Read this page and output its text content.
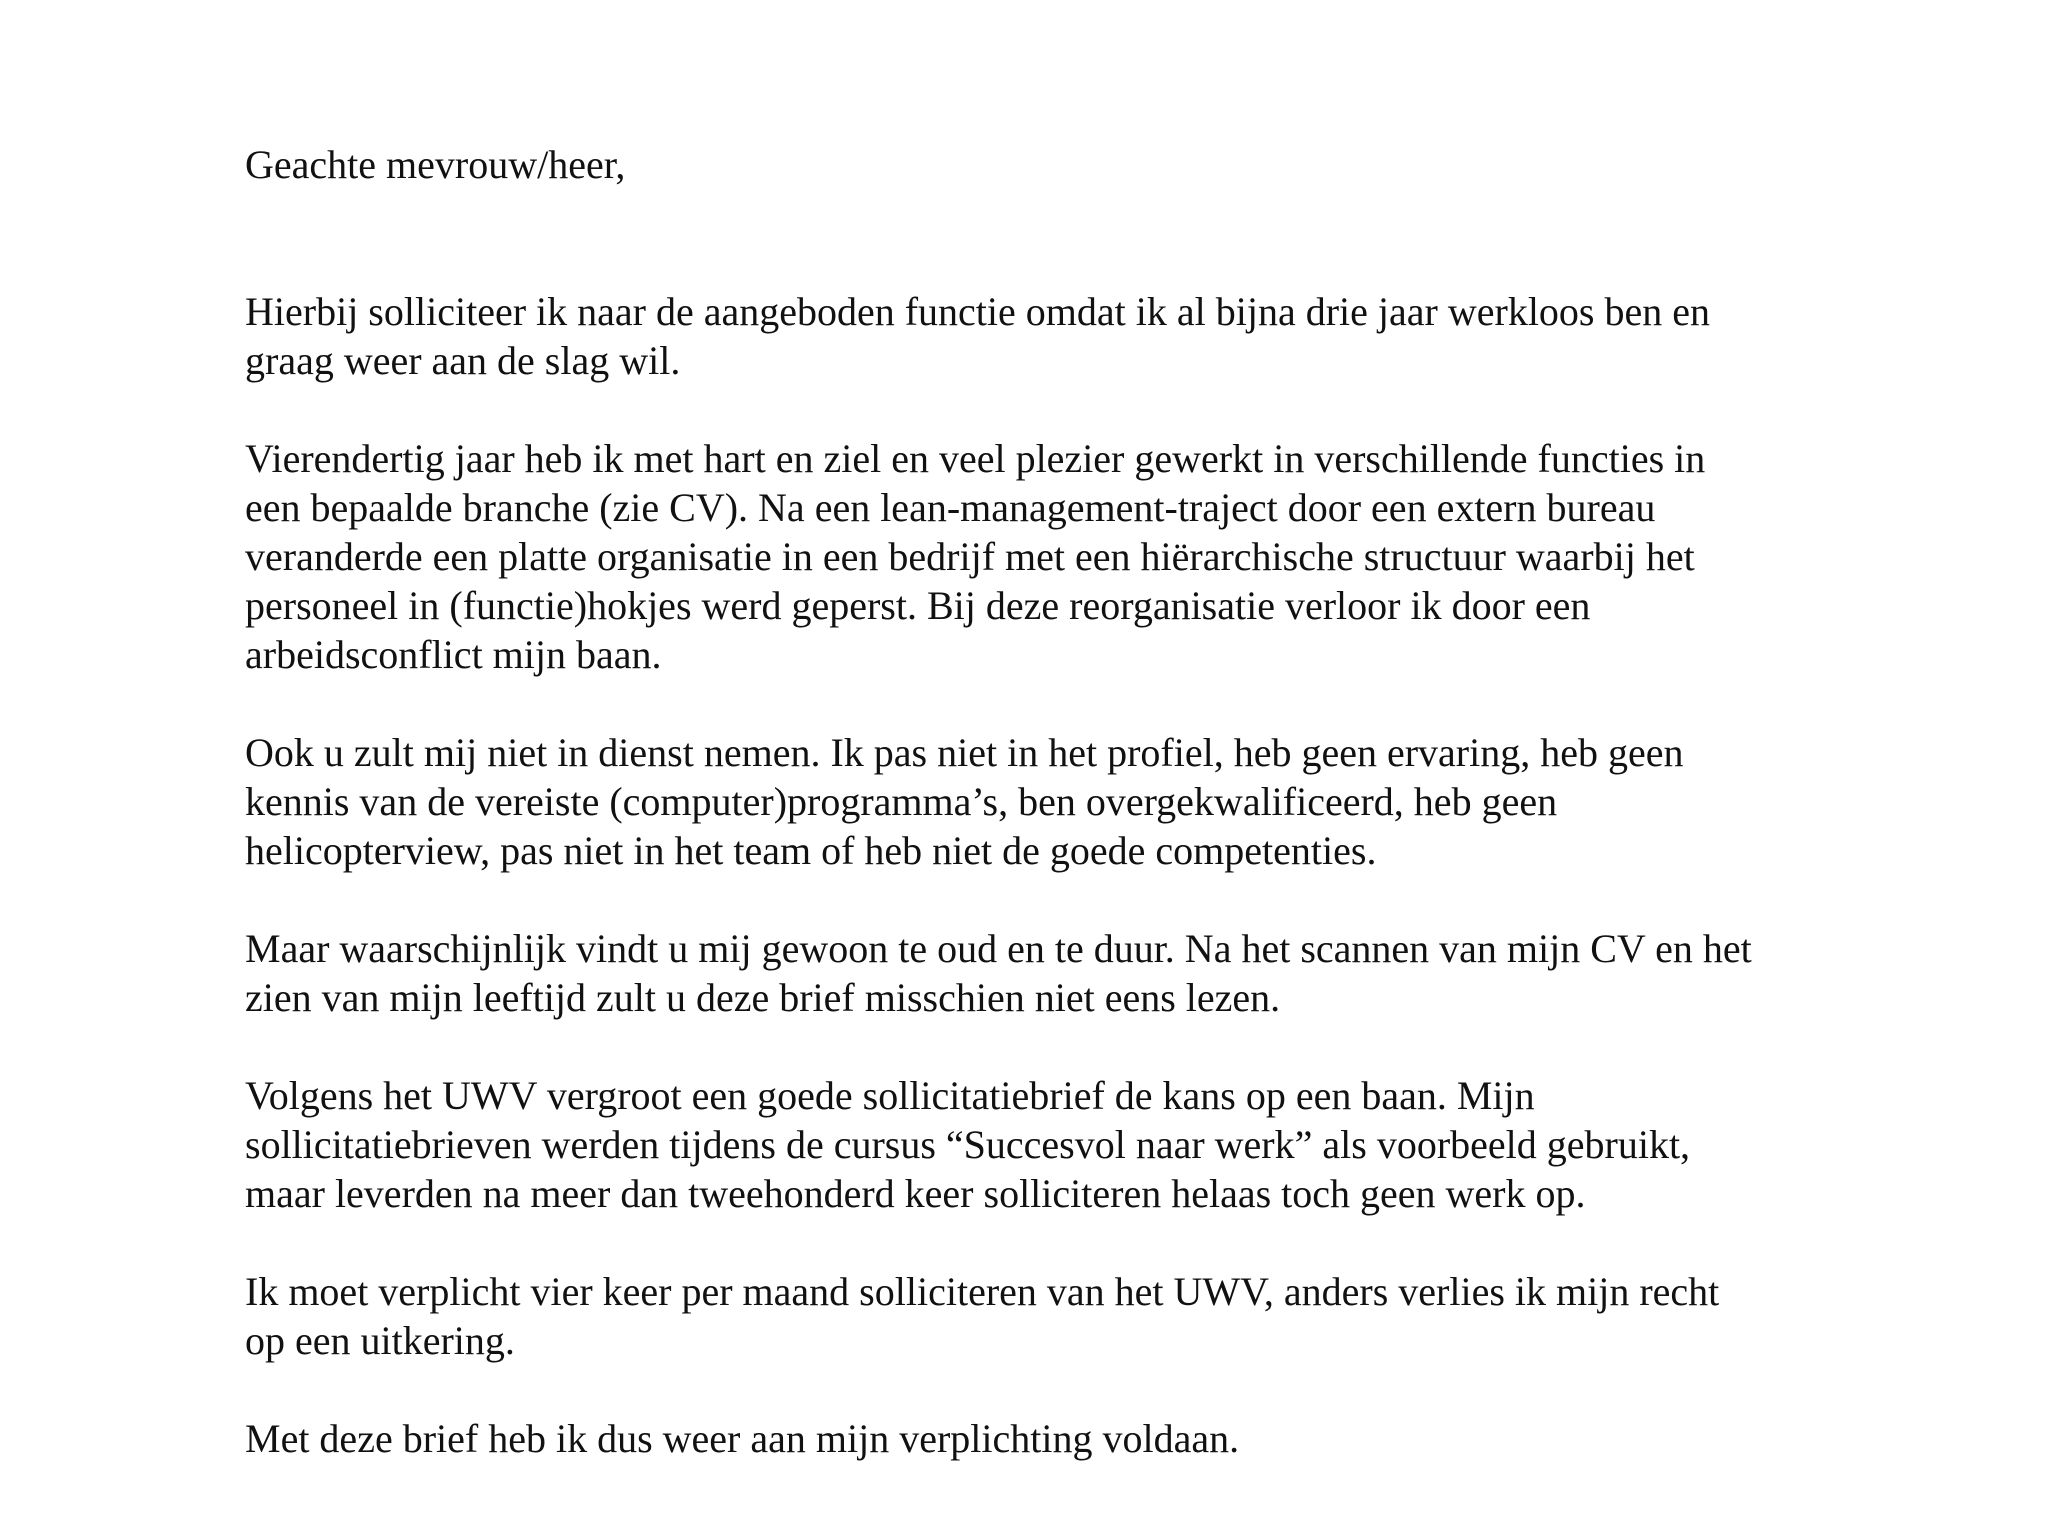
Geachte mevrouw/heer,

Hierbij solliciteer ik naar de aangeboden functie omdat ik al bijna drie jaar werkloos ben en
graag weer aan de slag wil.

Vierendertig jaar heb ik met hart en ziel en veel plezier gewerkt in verschillende functies in
een bepaalde branche (zie CV). Na een lean-management-traject door een extern bureau
veranderde een platte organisatie in een bedrijf met een hiërarchische structuur waarbij het
personeel in (functie)hokjes werd geperst. Bij deze reorganisatie verloor ik door een
arbeidsconflict mijn baan.

Ook u zult mij niet in dienst nemen. Ik pas niet in het profiel, heb geen ervaring, heb geen
kennis van de vereiste (computer)programma’s, ben overgekwalificeerd, heb geen
helicopterview, pas niet in het team of heb niet de goede competenties.

Maar waarschijnlijk vindt u mij gewoon te oud en te duur. Na het scannen van mijn CV en het
zien van mijn leeftijd zult u deze brief misschien niet eens lezen.

Volgens het UWV vergroot een goede sollicitatiebrief de kans op een baan. Mijn
sollicitatiebrieven werden tijdens de cursus “Succesvol naar werk” als voorbeeld gebruikt,
maar leverden na meer dan tweehonderd keer solliciteren helaas toch geen werk op.

Ik moet verplicht vier keer per maand solliciteren van het UWV, anders verlies ik mijn recht
op een uitkering.

Met deze brief heb ik dus weer aan mijn verplichting voldaan.
